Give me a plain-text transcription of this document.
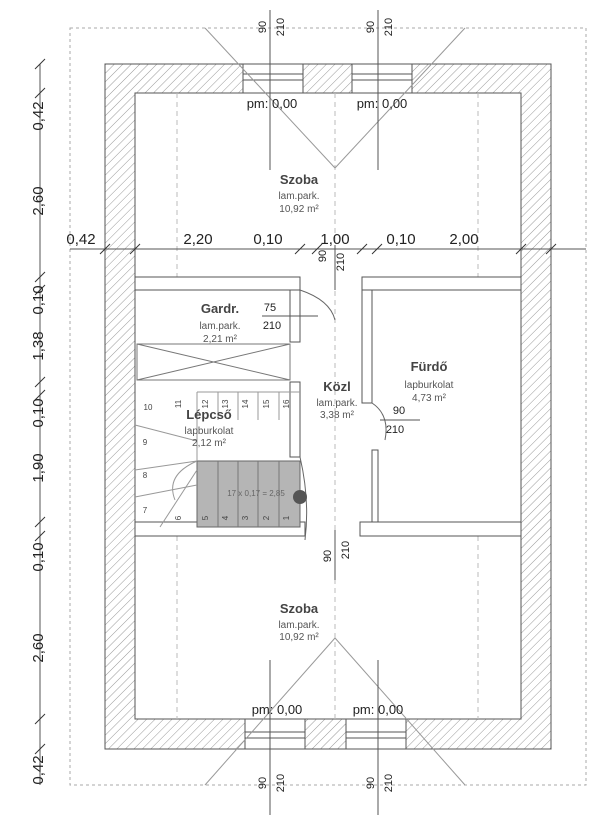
1
2
3
4
5
6
7
8
9
10	11 12 13 14 15 16
17 x 0,17 = 2,85
0,42	2,20	0,10	1,00 0,10 2,00
0,42
2,60
0,10
1,38
0,10
1,90
0,10
2,60
0,42
90 210	90 210
90 210	90 210
90 210
90 210
90
210
75
210
pm: 0,00	pm: 0,00
pm: 0,00	pm: 0,00
Szoba
lam.park.
10,92 m²
Gardr.
lam.park.
2,21 m²
Lépcső
lapburkolat
2,12 m²
Közl
lam.park.
3,38 m²
Fürdő
lapburkolat
4,73 m²
Szoba
lam.park.
10,92 m²
